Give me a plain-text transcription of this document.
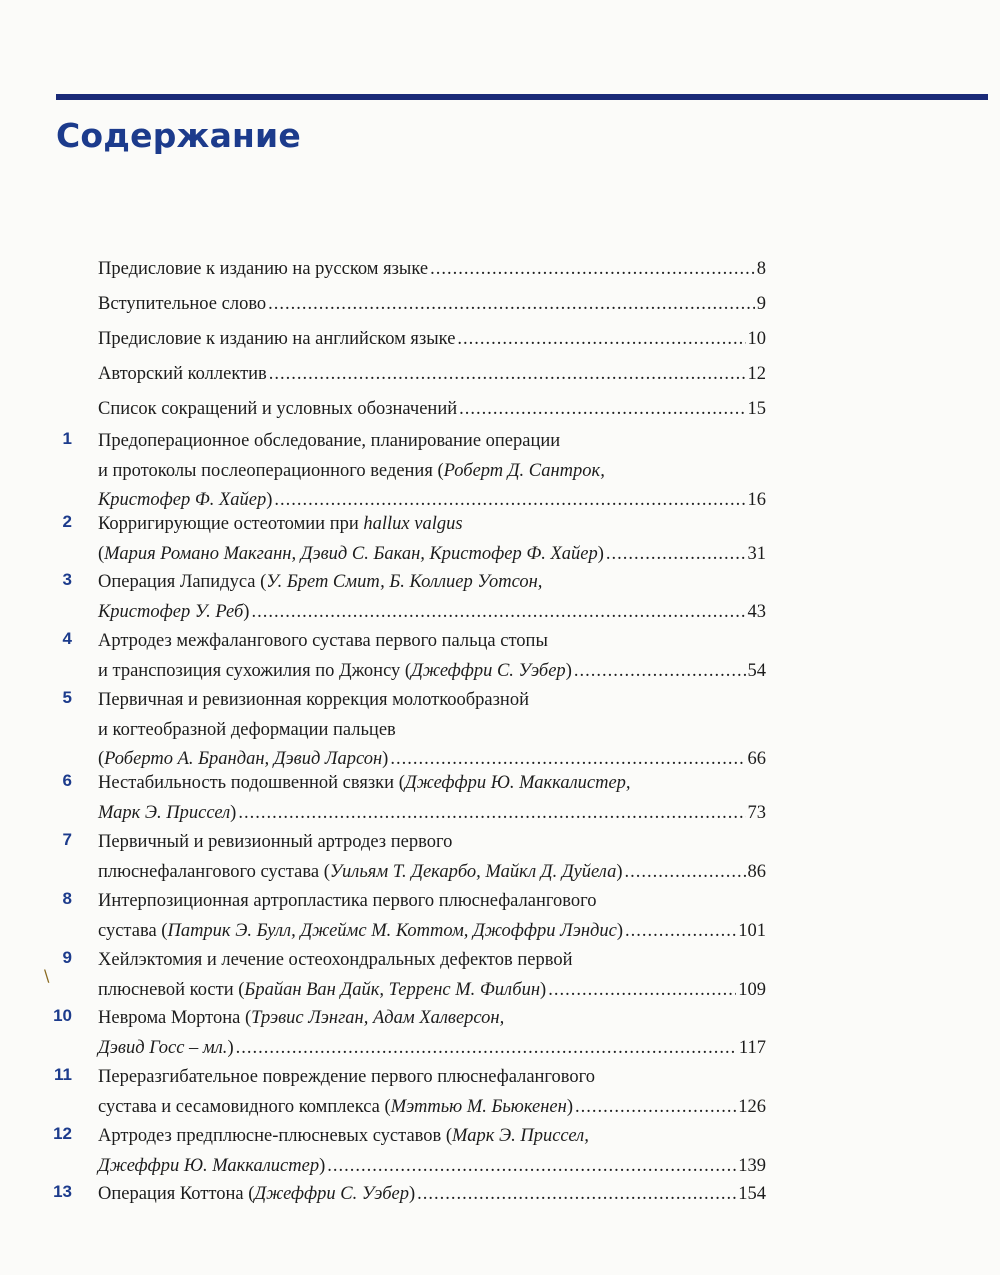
Содержание
\
Предисловие к изданию на русском языке .....	8
Вступительное слово .....	9
Предисловие к изданию на английском языке .....	10
Авторский коллектив .....	12
Список сокращений и условных обозначений .....	15
1 Предоперационное обследование, планирование операции
и протоколы послеоперационного ведения (Роберт Д. Сантрок,
Кристофер Ф. Хайер) .....	16
2 Корригирующие остеотомии при hallux valgus
(Мария Романо Макганн, Дэвид С. Бакан, Кристофер Ф. Хайер) .....	31
3 Операция Лапидуса (У. Брет Смит, Б. Коллиер Уотсон,
Кристофер У. Реб) .....	43
4 Артродез межфалангового сустава первого пальца стопы
и транспозиция сухожилия по Джонсу (Джеффри С. Уэбер) .....	54
5 Первичная и ревизионная коррекция молоткообразной
и когтеобразной деформации пальцев
(Роберто А. Брандан, Дэвид Ларсон) .....	66
6 Нестабильность подошвенной связки (Джеффри Ю. Маккалистер,
Марк Э. Приссел) .....	73
7 Первичный и ревизионный артродез первого
плюснефалангового сустава (Уильям Т. Декарбо, Майкл Д. Дуйела) .....	86
8 Интерпозиционная артропластика первого плюснефалангового
сустава (Патрик Э. Булл, Джеймс М. Коттом, Джоффри Лэндис) .....	101
9 Хейлэктомия и лечение остеохондральных дефектов первой
плюсневой кости (Брайан Ван Дайк, Терренс М. Филбин) .....	109
10 Неврома Мортона (Трэвис Лэнган, Адам Халверсон,
Дэвид Госс – мл.) .....	117
11 Переразгибательное повреждение первого плюснефалангового
сустава и сесамовидного комплекса (Мэттью М. Бьюкенен) .....	126
12 Артродез предплюсне-плюсневых суставов (Марк Э. Приссел,
Джеффри Ю. Маккалистер) .....	139
13 Операция Коттона (Джеффри С. Уэбер) .....	154
